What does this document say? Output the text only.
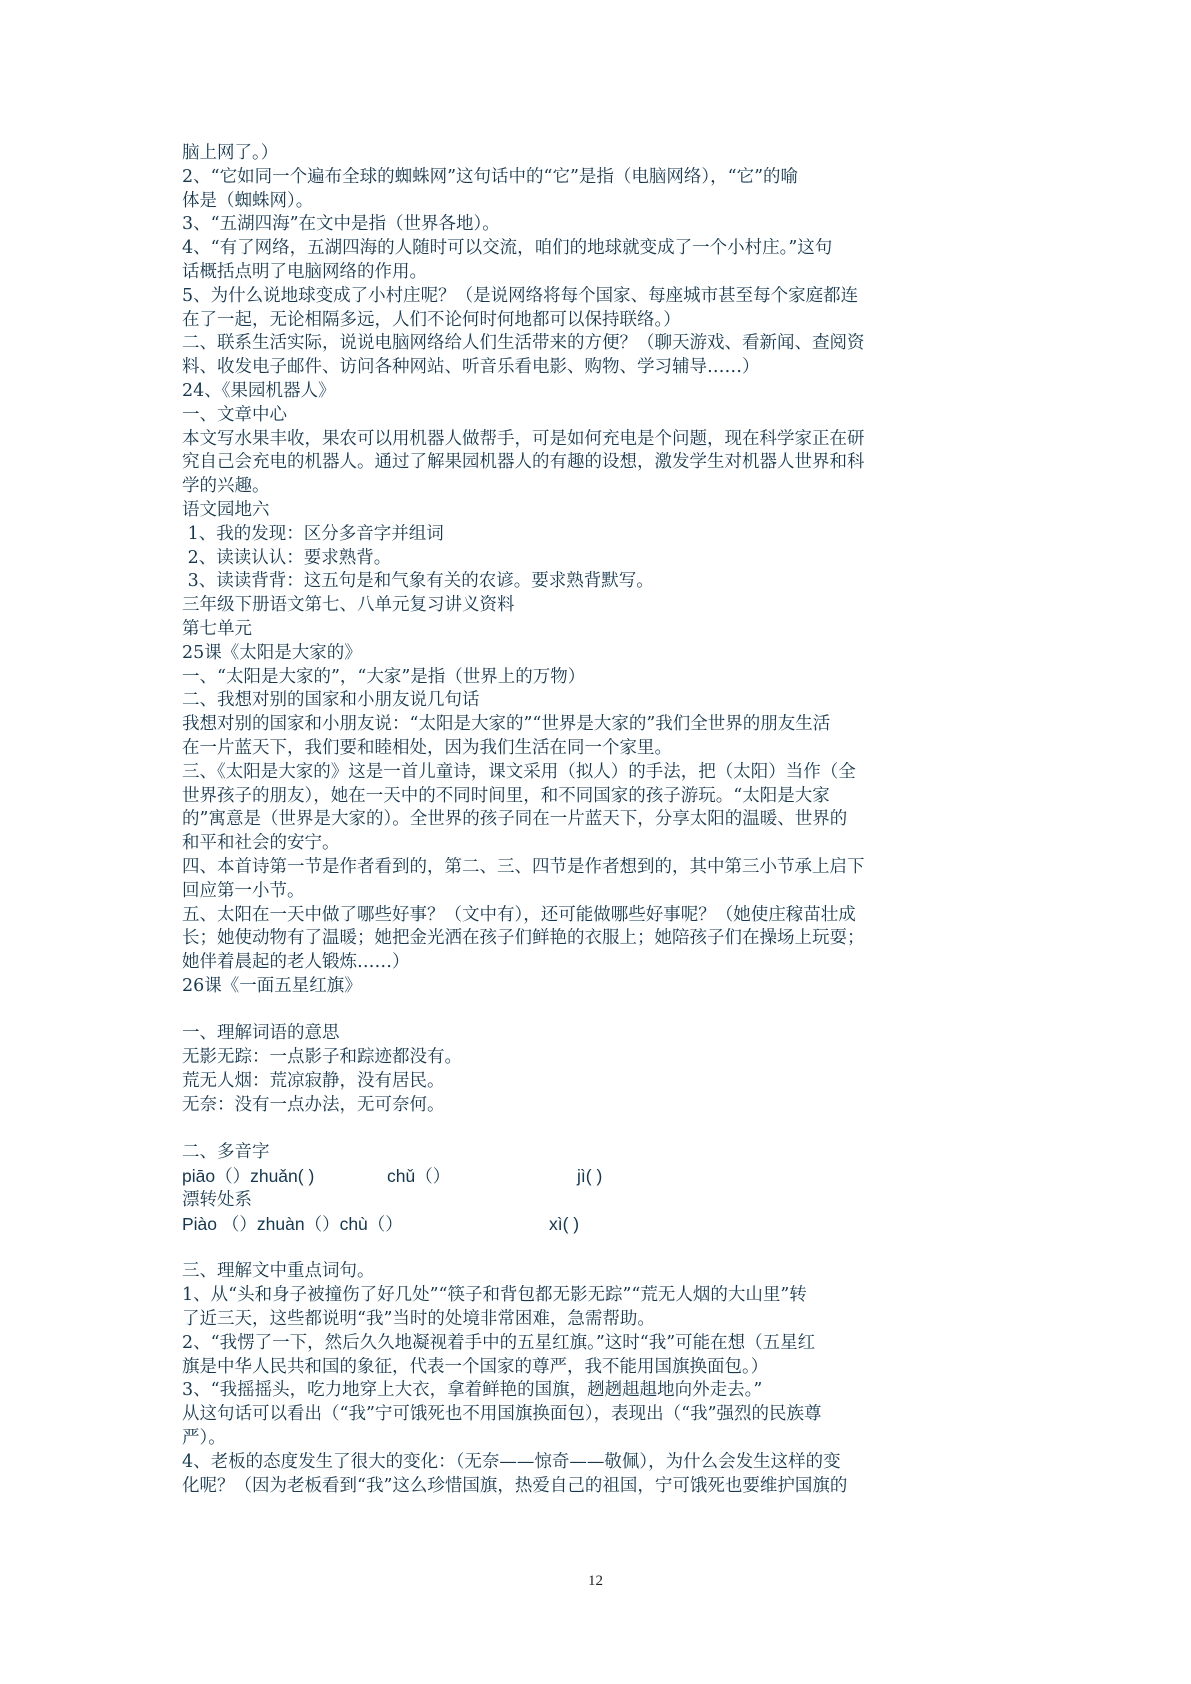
脑上网了。）
2、“它如同一个遍布全球的蜘蛛网”这句话中的“它”是指（电脑网络），“它”的喻
体是（蜘蛛网）。
3、“五湖四海”在文中是指（世界各地）。
4、“有了网络，五湖四海的人随时可以交流，咱们的地球就变成了一个小村庄。”这句
话概括点明了电脑网络的作用。
5、为什么说地球变成了小村庄呢？（是说网络将每个国家、每座城市甚至每个家庭都连
在了一起，无论相隔多远，人们不论何时何地都可以保持联络。）
二、联系生活实际，说说电脑网络给人们生活带来的方便？（聊天游戏、看新闻、查阅资
料、收发电子邮件、访问各种网站、听音乐看电影、购物、学习辅导……）
24、《果园机器人》
一、文章中心
本文写水果丰收，果农可以用机器人做帮手，可是如何充电是个问题，现在科学家正在研
究自己会充电的机器人。通过了解果园机器人的有趣的设想，激发学生对机器人世界和科
学的兴趣。
语文园地六
1、我的发现：区分多音字并组词
2、读读认认：要求熟背。
3、读读背背：这五句是和气象有关的农谚。要求熟背默写。
三年级下册语文第七、八单元复习讲义资料
第七单元
25课《太阳是大家的》
一、“太阳是大家的”，“大家”是指（世界上的万物）
二、我想对别的国家和小朋友说几句话
我想对别的国家和小朋友说：“太阳是大家的”“世界是大家的”我们全世界的朋友生活
在一片蓝天下，我们要和睦相处，因为我们生活在同一个家里。
三、《太阳是大家的》这是一首儿童诗，课文采用（拟人）的手法，把（太阳）当作（全
世界孩子的朋友），她在一天中的不同时间里，和不同国家的孩子游玩。“太阳是大家
的”寓意是（世界是大家的）。全世界的孩子同在一片蓝天下，分享太阳的温暖、世界的
和平和社会的安宁。
四、本首诗第一节是作者看到的，第二、三、四节是作者想到的，其中第三小节承上启下
回应第一小节。
五、太阳在一天中做了哪些好事？（文中有），还可能做哪些好事呢？（她使庄稼苗壮成
长；她使动物有了温暖；她把金光洒在孩子们鲜艳的衣服上；她陪孩子们在操场上玩耍；
她伴着晨起的老人锻炼……）
26课《一面五星红旗》
一、理解词语的意思
无影无踪：一点影子和踪迹都没有。
荒无人烟：荒凉寂静，没有居民。
无奈：没有一点办法，无可奈何。
二、多音字
piāo（）zhuǎn( )	chǔ（）	jì( )
漂转处系
Piào （）zhuàn（）chù（）	xì( )
三、理解文中重点词句。
1、从“头和身子被撞伤了好几处”“筷子和背包都无影无踪”“荒无人烟的大山里”转
了近三天，这些都说明“我”当时的处境非常困难，急需帮助。
2、“我愣了一下，然后久久地凝视着手中的五星红旗。”这时“我”可能在想（五星红
旗是中华人民共和国的象征，代表一个国家的尊严，我不能用国旗换面包。）
3、“我摇摇头，吃力地穿上大衣，拿着鲜艳的国旗，趔趔趄趄地向外走去。”
从这句话可以看出（“我”宁可饿死也不用国旗换面包），表现出（“我”强烈的民族尊
严）。
4、老板的态度发生了很大的变化：（无奈——惊奇——敬佩），为什么会发生这样的变
化呢？（因为老板看到“我”这么珍惜国旗，热爱自己的祖国，宁可饿死也要维护国旗的
12
